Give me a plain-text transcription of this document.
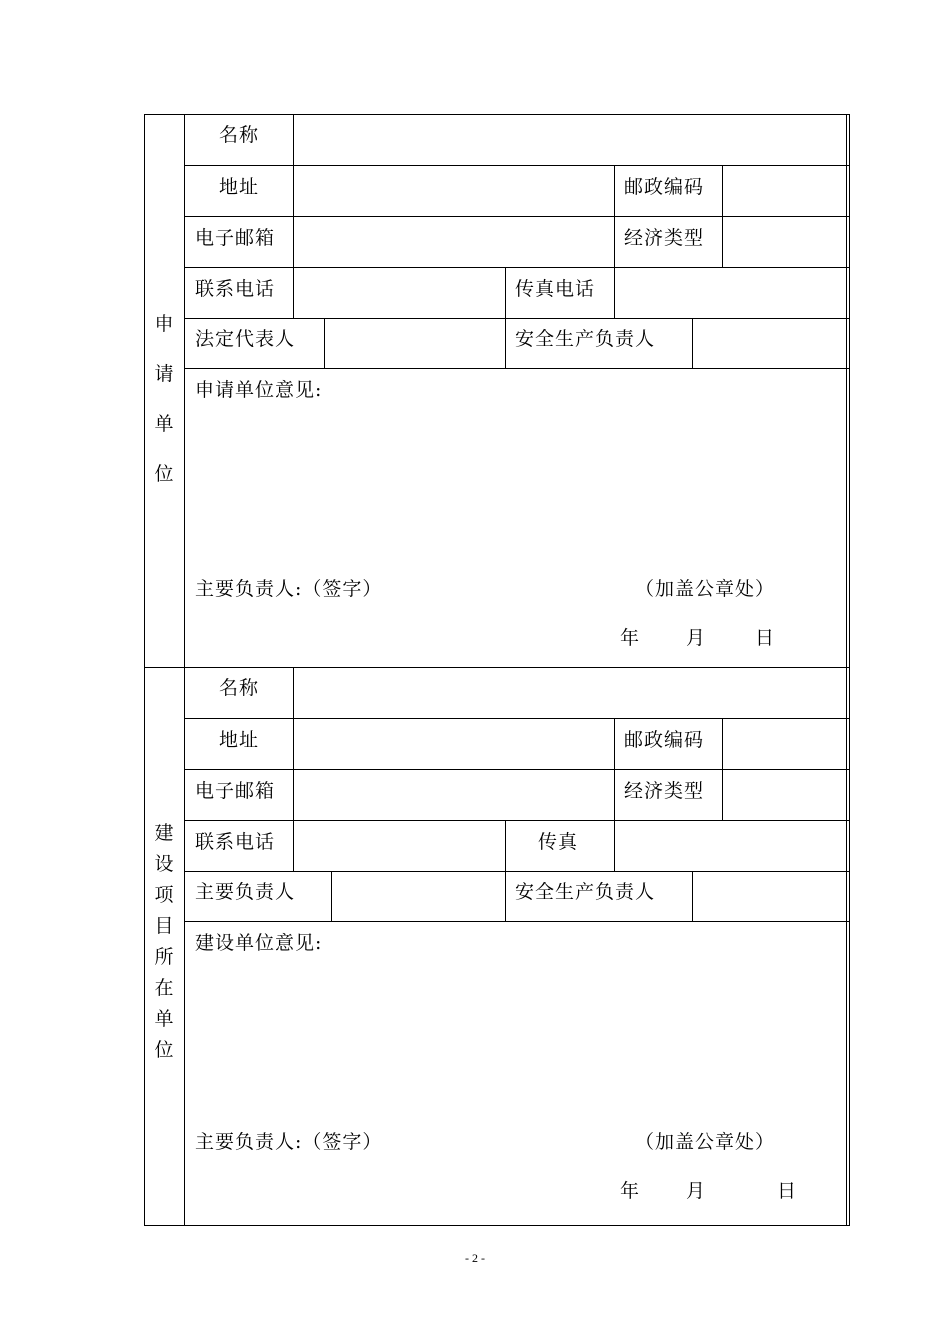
申请单位
名称
地址	邮政编码
电子邮箱	经济类型
联系电话	传真电话
法定代表人	安全生产负责人
申请单位意见:
主要负责人:（签字）	（加盖公章处）
年 月	日
建设项目所在单位
名称
地址	邮政编码
电子邮箱	经济类型
联系电话	传真
主要负责人	安全生产负责人
建设单位意见:
主要负责人:（签字）	（加盖公章处）
年 月	日
- 2 -
